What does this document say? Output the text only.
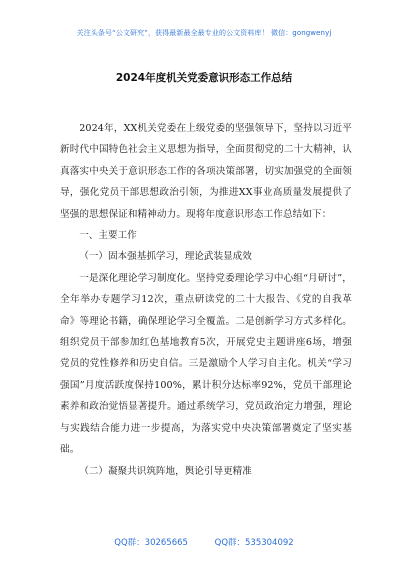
关注头条号“公文研究”，获得最新最全最专业的公文资料库！ 微信：gongwenyj
2024年度机关党委意识形态工作总结

2024年，XX机关党委在上级党委的坚强领导下，坚持以习近平新时代中国特色社会主义思想为指导，全面贯彻党的二十大精神，认真落实中央关于意识形态工作的各项决策部署，切实加强党的全面领导，强化党员干部思想政治引领，为推进XX事业高质量发展提供了坚强的思想保证和精神动力。现将年度意识形态工作总结如下：

一、主要工作

（一）固本强基抓学习，理论武装显成效

一是深化理论学习制度化。坚持党委理论学习中心组“月研讨”，全年举办专题学习12次，重点研读党的二十大报告、《党的自我革命》等理论书籍，确保理论学习全覆盖。二是创新学习方式多样化。组织党员干部参加红色基地教育5次，开展党史主题讲座6场，增强党员的党性修养和历史自信。三是激励个人学习自主化。机关“学习强国”月度活跃度保持100%，累计积分达标率92%，党员干部理论素养和政治觉悟显著提升。通过系统学习，党员政治定力增强，理论与实践结合能力进一步提高，为落实党中央决策部署奠定了坚实基础。

（二）凝聚共识筑阵地，舆论引导更精准

QQ群：30265665	QQ群：535304092
